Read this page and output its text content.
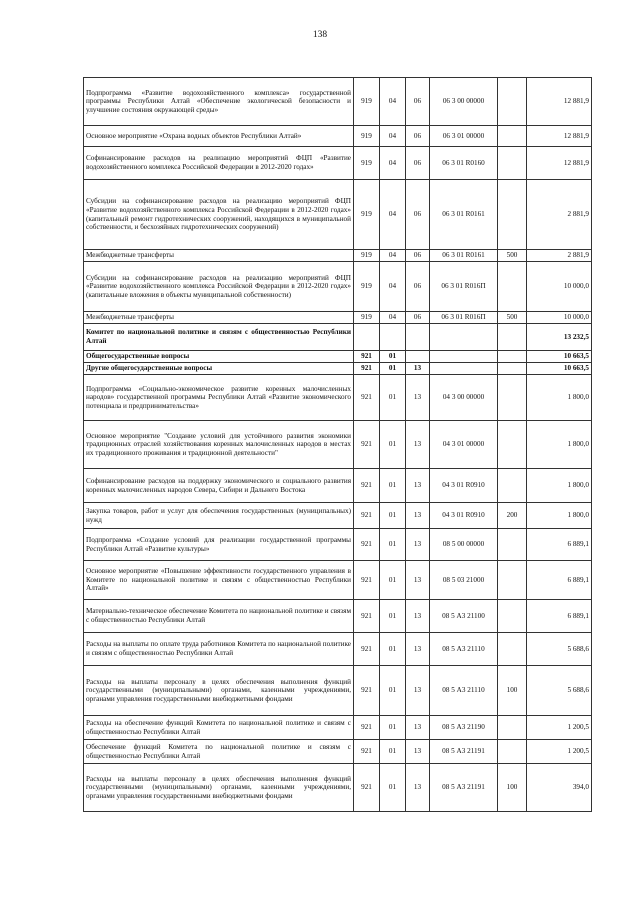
138
Подпрограмма «Развитие водохозяйственного комплекса» государственной программы Республики Алтай «Обеспечение экологической безопасности и улучшение состояния окружающей среды»	919	04	06	06 3 00 00000		12 881,9
Основное мероприятие «Охрана водных объектов Республики Алтай»	919	04	06	06 3 01 00000		12 881,9
Софинансирование расходов на реализацию мероприятий ФЦП «Развитие водохозяйственного комплекса Российской Федерации в 2012-2020 годах»	919	04	06	06 3 01 R0160		12 881,9
Субсидии на софинансирование расходов на реализацию мероприятий ФЦП «Развитие водохозяйственного комплекса Российской Федерации в 2012-2020 годах» (капитальный ремонт гидротехнических сооружений, находящихся в муниципальной собственности, и бесхозяйных гидротехнических сооружений)	919	04	06	06 3 01 R0161		2 881,9
Межбюджетные трансферты	919	04	06	06 3 01 R0161	500	2 881,9
Субсидии на софинансирование расходов на реализацию мероприятий ФЦП «Развитие водохозяйственного комплекса Российской Федерации в 2012-2020 годах» (капитальные вложения в объекты муниципальной собственности)	919	04	06	06 3 01 R016П		10 000,0
Межбюджетные трансферты	919	04	06	06 3 01 R016П	500	10 000,0
Комитет по национальной политике и связям с общественностью Республики Алтай						13 232,5
Общегосударственные вопросы	921	01				10 663,5
Другие общегосударственные вопросы	921	01	13			10 663,5
Подпрограмма «Социально-экономическое развитие коренных малочисленных народов» государственной программы Республики Алтай «Развитие экономического потенциала и предпринимательства»	921	01	13	04 3 00 00000		1 800,0
Основное мероприятие "Создание условий для устойчивого развития экономики традиционных отраслей хозяйствования коренных малочисленных народов в местах их традиционного проживания и традиционной деятельности"	921	01	13	04 3 01 00000		1 800,0
Софинансирование расходов на поддержку экономического и социального развития коренных малочисленных народов Севера, Сибири и Дальнего Востока	921	01	13	04 3 01 R0910		1 800,0
Закупка товаров, работ и услуг для обеспечения государственных (муниципальных) нужд	921	01	13	04 3 01 R0910	200	1 800,0
Подпрограмма «Создание условий для реализации государственной программы Республики Алтай «Развитие культуры»	921	01	13	08 5 00 00000		6 889,1
Основное мероприятие «Повышение эффективности государственного управления в Комитете по национальной политике и связям с общественностью Республики Алтай»	921	01	13	08 5 03 21000		6 889,1
Материально-техническое обеспечение Комитета по национальной политике и связям с общественностью Республики Алтай	921	01	13	08 5 А3 21100		6 889,1
Расходы на выплаты по оплате труда работников Комитета по национальной политике и связям с общественностью Республики Алтай	921	01	13	08 5 А3 21110		5 688,6
Расходы на выплаты персоналу в целях обеспечения выполнения функций государственными (муниципальными) органами, казенными учреждениями, органами управления государственными внебюджетными фондами	921	01	13	08 5 А3 21110	100	5 688,6
Расходы на обеспечение функций Комитета по национальной политике и связям с общественностью Республики Алтай	921	01	13	08 5 А3 21190		1 200,5
Обеспечение функций Комитета по национальной политике и связям с общественностью Республики Алтай	921	01	13	08 5 А3 21191		1 200,5
Расходы на выплаты персоналу в целях обеспечения выполнения функций государственными (муниципальными) органами, казенными учреждениями, органами управления государственными внебюджетными фондами	921	01	13	08 5 А3 21191	100	394,0
